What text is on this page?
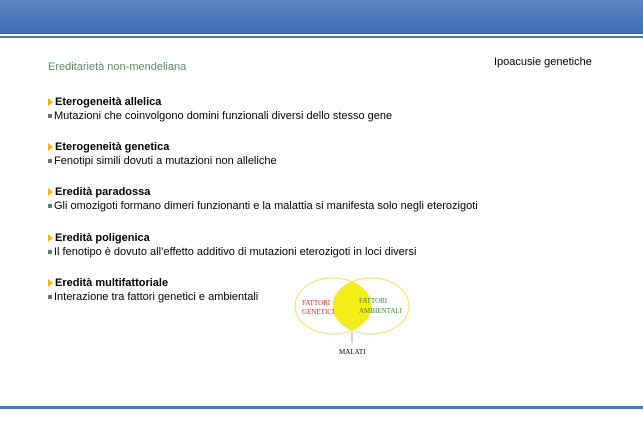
Ereditarietà non-mendeliana	Ipoacusie genetiche
Eterogeneità allelica
Mutazioni che coinvolgono domini funzionali diversi dello stesso gene
Eterogeneità genetica
Fenotipi simili dovuti a mutazioni non alleliche
Eredità paradossa
Gli omozigoti formano dimeri funzionanti e la malattia si manifesta solo negli eterozigoti
Eredità poligenica
Il fenotipo è dovuto all’effetto additivo di mutazioni eterozigoti in loci diversi
Eredità multifattoriale
Interazione tra fattori genetici e ambientali	FATTORI
GENETICI
FATTORI
AMBIENTALI
MALATI
